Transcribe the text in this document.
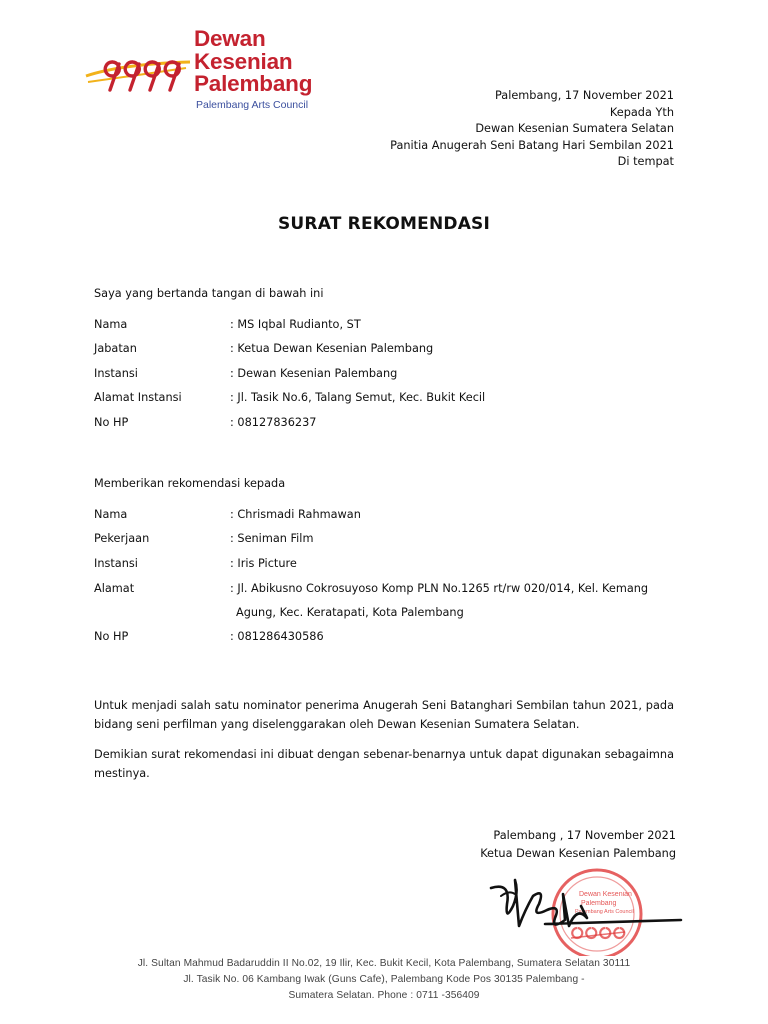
Dewan
Kesenian
Palembang
Palembang Arts Council
Palembang, 17 November 2021
Kepada Yth
Dewan Kesenian Sumatera Selatan
Panitia Anugerah Seni Batang Hari Sembilan 2021
Di tempat
SURAT REKOMENDASI
Saya yang bertanda tangan di bawah ini
Nama	: MS Iqbal Rudianto, ST
Jabatan	: Ketua Dewan Kesenian Palembang
Instansi	: Dewan Kesenian Palembang
Alamat Instansi	: Jl. Tasik No.6, Talang Semut, Kec. Bukit Kecil
No HP	: 08127836237
Memberikan rekomendasi kepada
Nama	: Chrismadi Rahmawan
Pekerjaan	: Seniman Film
Instansi	: Iris Picture
Alamat	: Jl. Abikusno Cokrosuyoso Komp PLN No.1265 rt/rw 020/014, Kel. Kemang
Agung, Kec. Keratapati, Kota Palembang
No HP	: 081286430586
Untuk menjadi salah satu nominator penerima Anugerah Seni Batanghari Sembilan tahun 2021, pada bidang seni perfilman yang diselenggarakan oleh Dewan Kesenian Sumatera Selatan.
Demikian surat rekomendasi ini dibuat dengan sebenar-benarnya untuk dapat digunakan sebagaimna mestinya.
Palembang , 17 November 2021
Ketua Dewan Kesenian Palembang
Dewan Kesenian
Palembang
Palembang Arts Council
Jl. Sultan Mahmud Badaruddin II No.02, 19 Ilir, Kec. Bukit Kecil, Kota Palembang, Sumatera Selatan 30111
Jl. Tasik No. 06 Kambang Iwak (Guns Cafe), Palembang Kode Pos 30135 Palembang -
Sumatera Selatan. Phone : 0711 -356409
